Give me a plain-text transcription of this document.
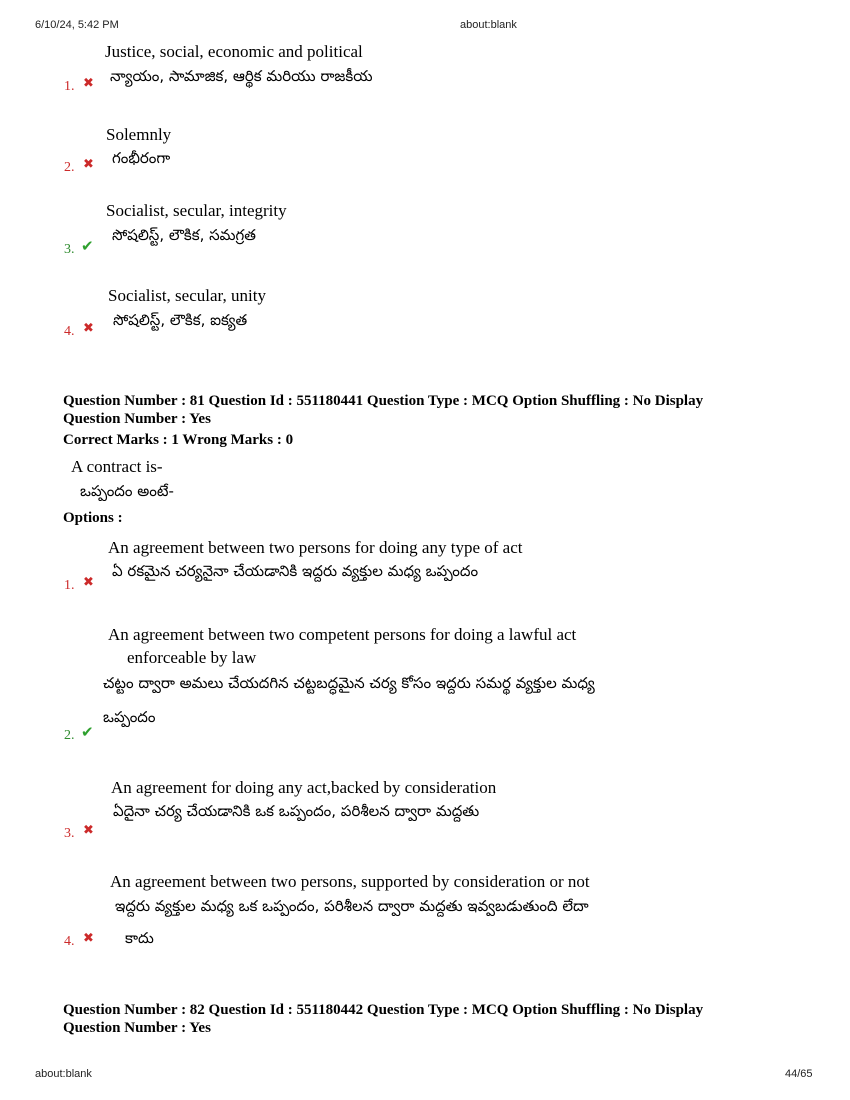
6/10/24, 5:42 PM	about:blank
Justice, social, economic and political
న్యాయం, సామాజిక, ఆర్థిక మరియు రాజకీయ
1. ✖
Solemnly
గంభీరంగా
2. ✖
Socialist, secular, integrity
సోషలిస్ట్, లౌకిక, సమగ్రత
3. ✔
Socialist, secular, unity
సోషలిస్ట్, లౌకిక, ఐక్యత
4. ✖
Question Number : 81 Question Id : 551180441 Question Type : MCQ Option Shuffling : No Display
Question Number : Yes
Correct Marks : 1 Wrong Marks : 0
A contract is-
ఒప్పందం అంటే-
Options :
An agreement between two persons for doing any type of act
ఏ రకమైన చర్యనైనా చేయడానికి ఇద్దరు వ్యక్తుల మధ్య ఒప్పందం
1. ✖
An agreement between two competent persons for doing a lawful act
enforceable by law
చట్టం ద్వారా అమలు చేయదగిన చట్టబద్ధమైన చర్య కోసం ఇద్దరు సమర్థ వ్యక్తుల మధ్య
ఒప్పందం
2. ✔
An agreement for doing any act,backed by consideration
ఏదైనా చర్య చేయడానికి ఒక ఒప్పందం, పరిశీలన ద్వారా మద్దతు
3. ✖
An agreement between two persons, supported by consideration or not
ఇద్దరు వ్యక్తుల మధ్య ఒక ఒప్పందం, పరిశీలన ద్వారా మద్దతు ఇవ్వబడుతుంది లేదా
కాదు
4. ✖
Question Number : 82 Question Id : 551180442 Question Type : MCQ Option Shuffling : No Display
Question Number : Yes
about:blank	44/65
